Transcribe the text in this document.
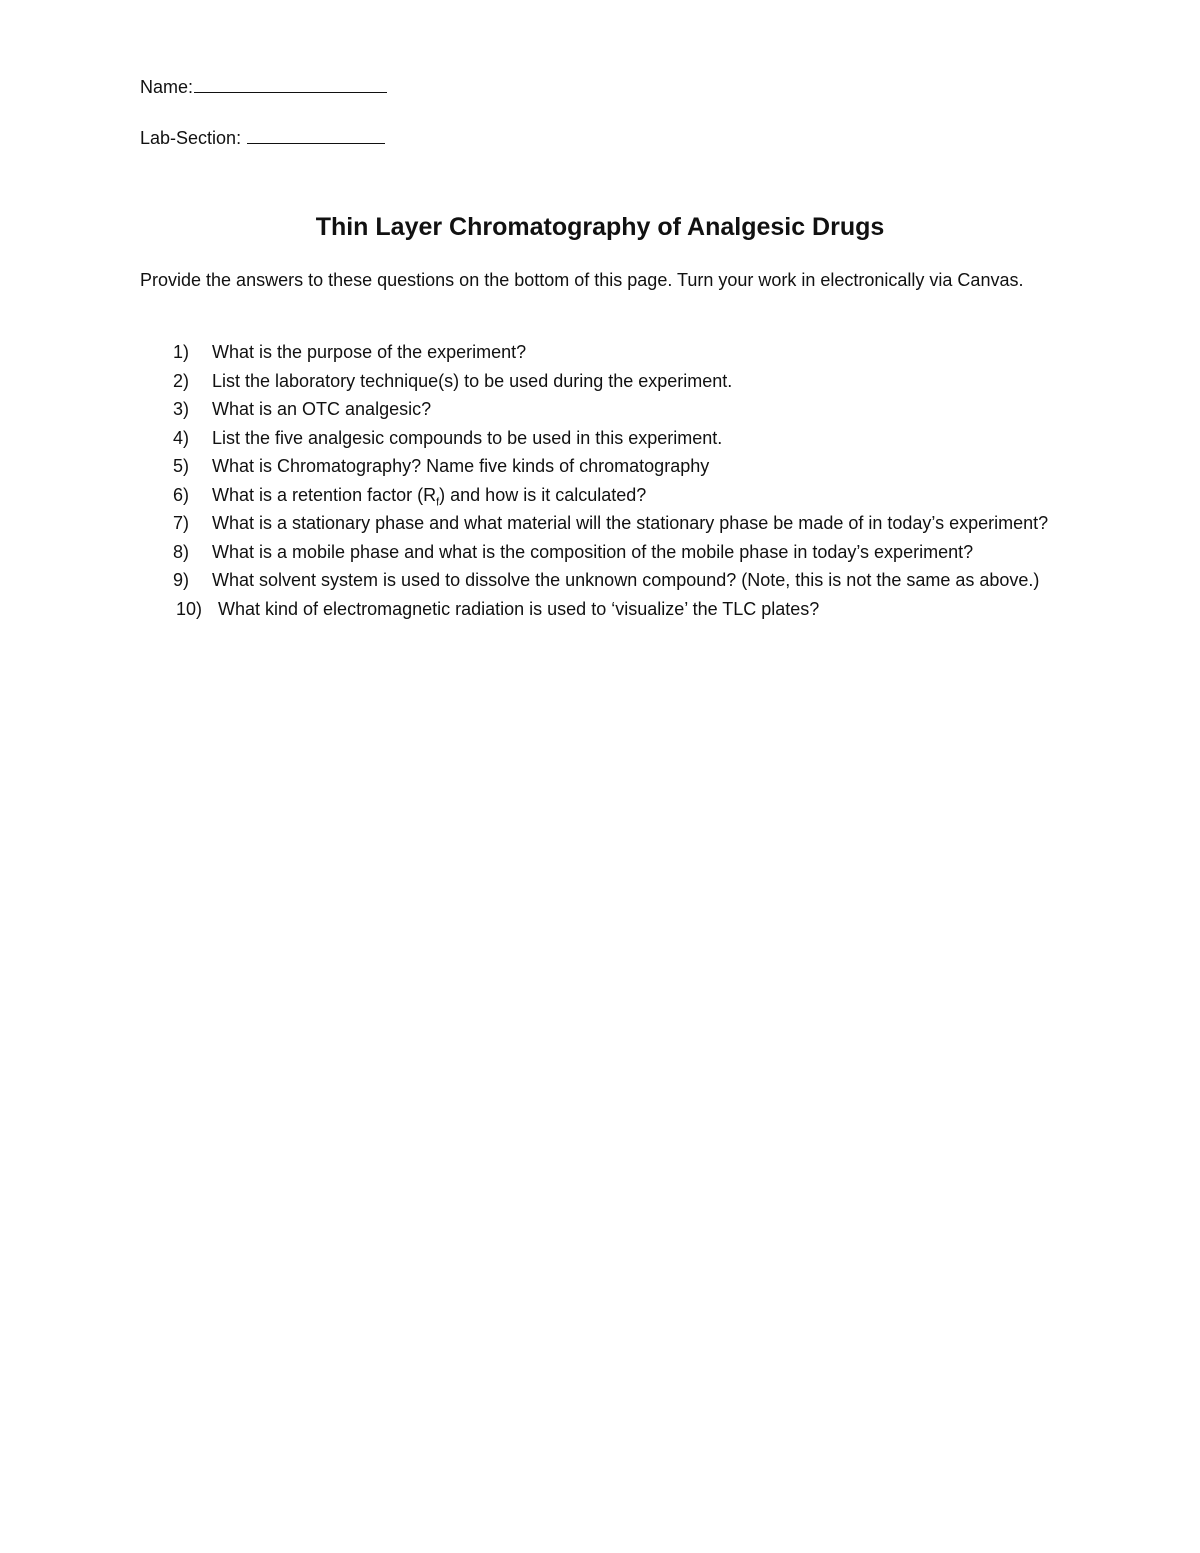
Name:
Lab-Section:
Thin Layer Chromatography of Analgesic Drugs
Provide the answers to these questions on the bottom of this page. Turn your work in electronically via Canvas.
1)	What is the purpose of the experiment?
2)	List the laboratory technique(s) to be used during the experiment.
3)	What is an OTC analgesic?
4)	List the five analgesic compounds to be used in this experiment.
5)	What is Chromatography? Name five kinds of chromatography
6)	What is a retention factor $(R_f)$ and how is it calculated?
7)	What is a stationary phase and what material will the stationary phase be made of in today’s experiment?
8)	What is a mobile phase and what is the composition of the mobile phase in today’s experiment?
9)	What solvent system is used to dissolve the unknown compound? (Note, this is not the same as above.)
10) What kind of electromagnetic radiation is used to ‘visualize’ the TLC plates?
